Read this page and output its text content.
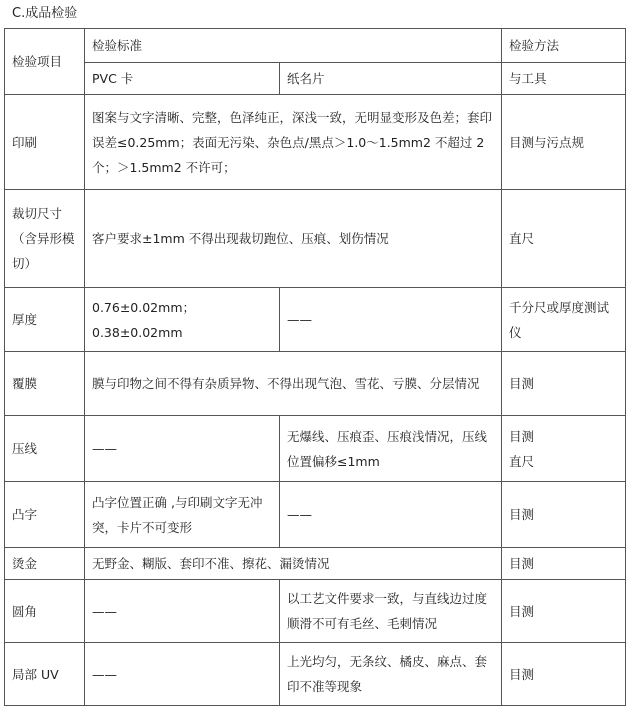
C.成品检验
检验项目	检验标准		检验方法
	PVC 卡	纸名片	与工具
印刷	图案与文字清晰、完整，色泽纯正，深浅一致，无明显变形及色差；套印误差≤0.25mm；表面无污染、杂色点/黑点＞1.0～1.5mm2 不超过 2 个；＞1.5mm2 不许可；		目测与污点规
裁切尺寸（含异形模切）	客户要求±1mm 不得出现裁切跑位、压痕、划伤情况		直尺
厚度	0.76±0.02mm；
0.38±0.02mm	——	千分尺或厚度测试仪
覆膜	膜与印物之间不得有杂质异物、不得出现气泡、雪花、亏膜、分层情况		目测
压线	——	无爆线、压痕歪、压痕浅情况，压线位置偏移≤1mm	目测
直尺
凸字	凸字位置正确 ,与印刷文字无冲突，卡片不可变形	——	目测
烫金	无野金、糊版、套印不准、擦花、漏烫情况		目测
圆角	——	以工艺文件要求一致，与直线边过度顺滑不可有毛丝、毛刺情况	目测
局部 UV	——	上光均匀，无条纹、橘皮、麻点、套印不准等现象	目测
